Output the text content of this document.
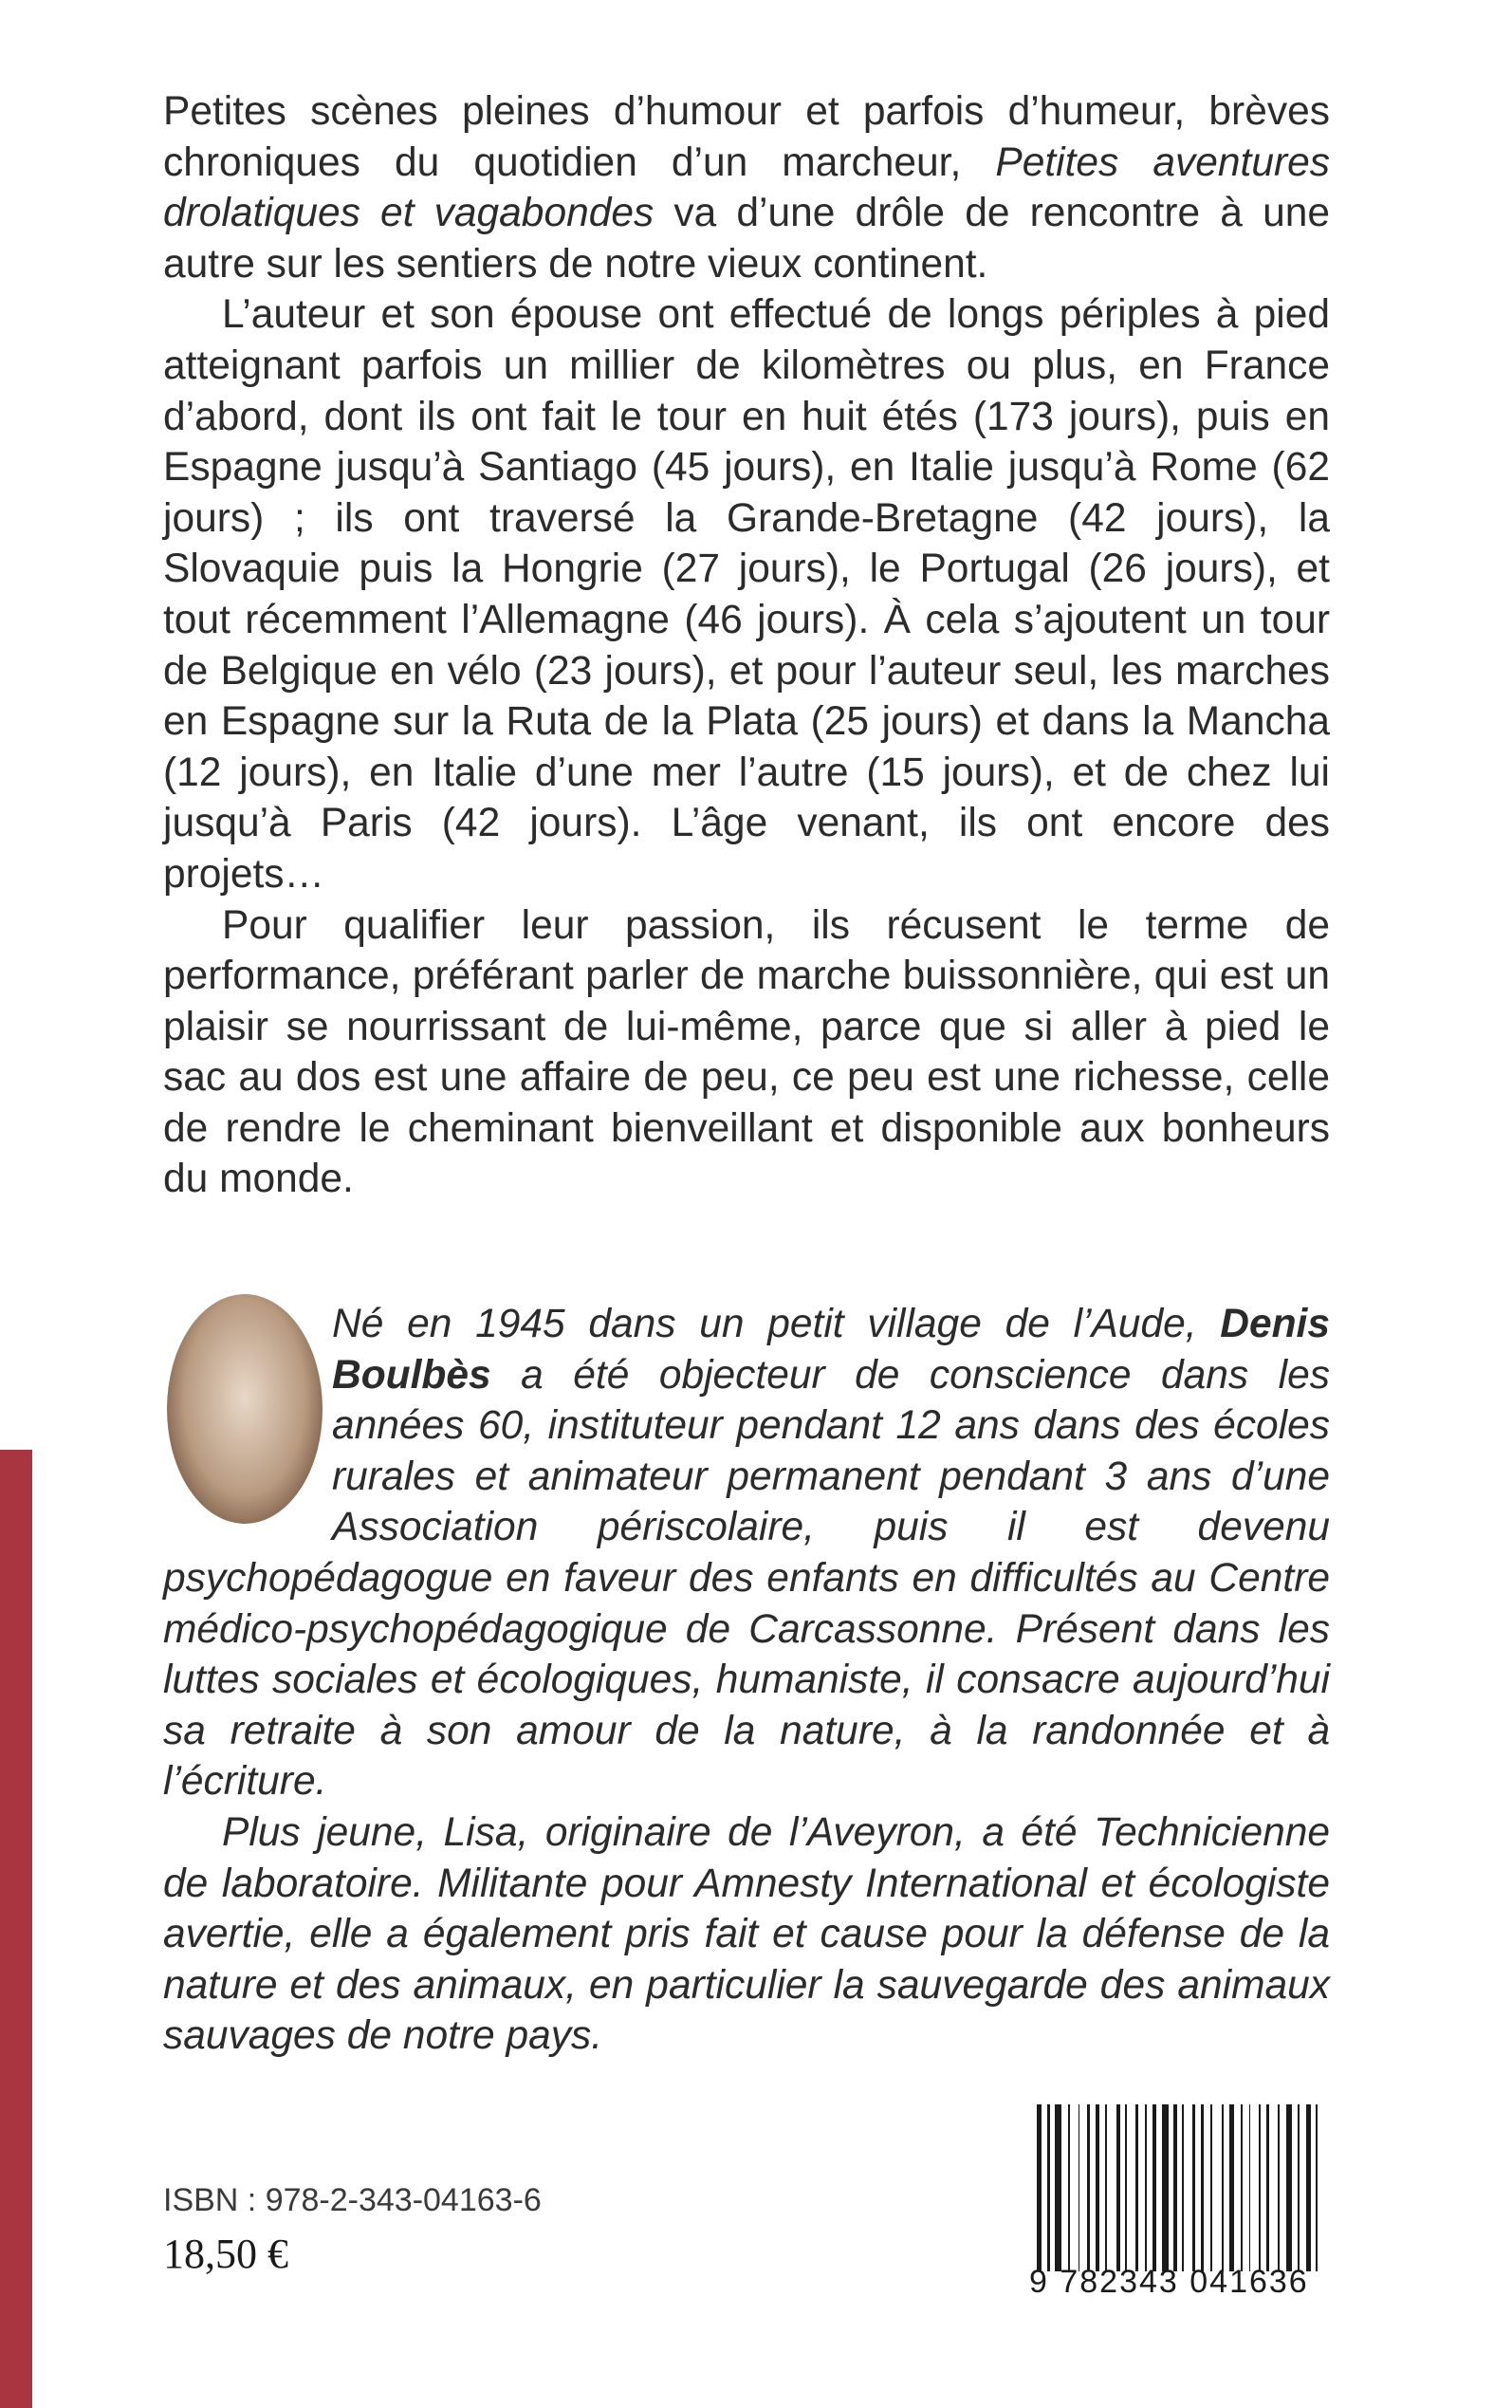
Petites scènes pleines d’humour et parfois d’humeur, brèves chroniques du quotidien d’un marcheur, Petites aventures drolatiques et vagabondes va d’une drôle de rencontre à une autre sur les sentiers de notre vieux continent.

L’auteur et son épouse ont effectué de longs périples à pied atteignant parfois un millier de kilomètres ou plus, en France d’abord, dont ils ont fait le tour en huit étés (173 jours), puis en Espagne jusqu’à Santiago (45 jours), en Italie jusqu’à Rome (62 jours) ; ils ont traversé la Grande-Bretagne (42 jours), la Slovaquie puis la Hongrie (27 jours), le Portugal (26 jours), et tout récemment l’Allemagne (46 jours). À cela s’ajoutent un tour de Belgique en vélo (23 jours), et pour l’auteur seul, les marches en Espagne sur la Ruta de la Plata (25 jours) et dans la Mancha (12 jours), en Italie d’une mer l’autre (15 jours), et de chez lui jusqu’à Paris (42 jours). L’âge venant, ils ont encore des projets…

Pour qualifier leur passion, ils récusent le terme de performance, préférant parler de marche buissonnière, qui est un plaisir se nourrissant de lui-même, parce que si aller à pied le sac au dos est une affaire de peu, ce peu est une richesse, celle de rendre le cheminant bienveillant et disponible aux bonheurs du monde.

Né en 1945 dans un petit village de l’Aude, Denis Boulbès a été objecteur de conscience dans les années 60, instituteur pendant 12 ans dans des écoles rurales et animateur permanent pendant 3 ans d’une Association périscolaire, puis il est devenu psychopédagogue en faveur des enfants en difficultés au Centre médico-psychopédagogique de Carcassonne. Présent dans les luttes sociales et écologiques, humaniste, il consacre aujourd’hui sa retraite à son amour de la nature, à la randonnée et à l’écriture.

Plus jeune, Lisa, originaire de l’Aveyron, a été Technicienne de laboratoire. Militante pour Amnesty International et écologiste avertie, elle a également pris fait et cause pour la défense de la nature et des animaux, en particulier la sauvegarde des animaux sauvages de notre pays.

9 782343 041636
ISBN : 978-2-343-04163-6
18,50 €
